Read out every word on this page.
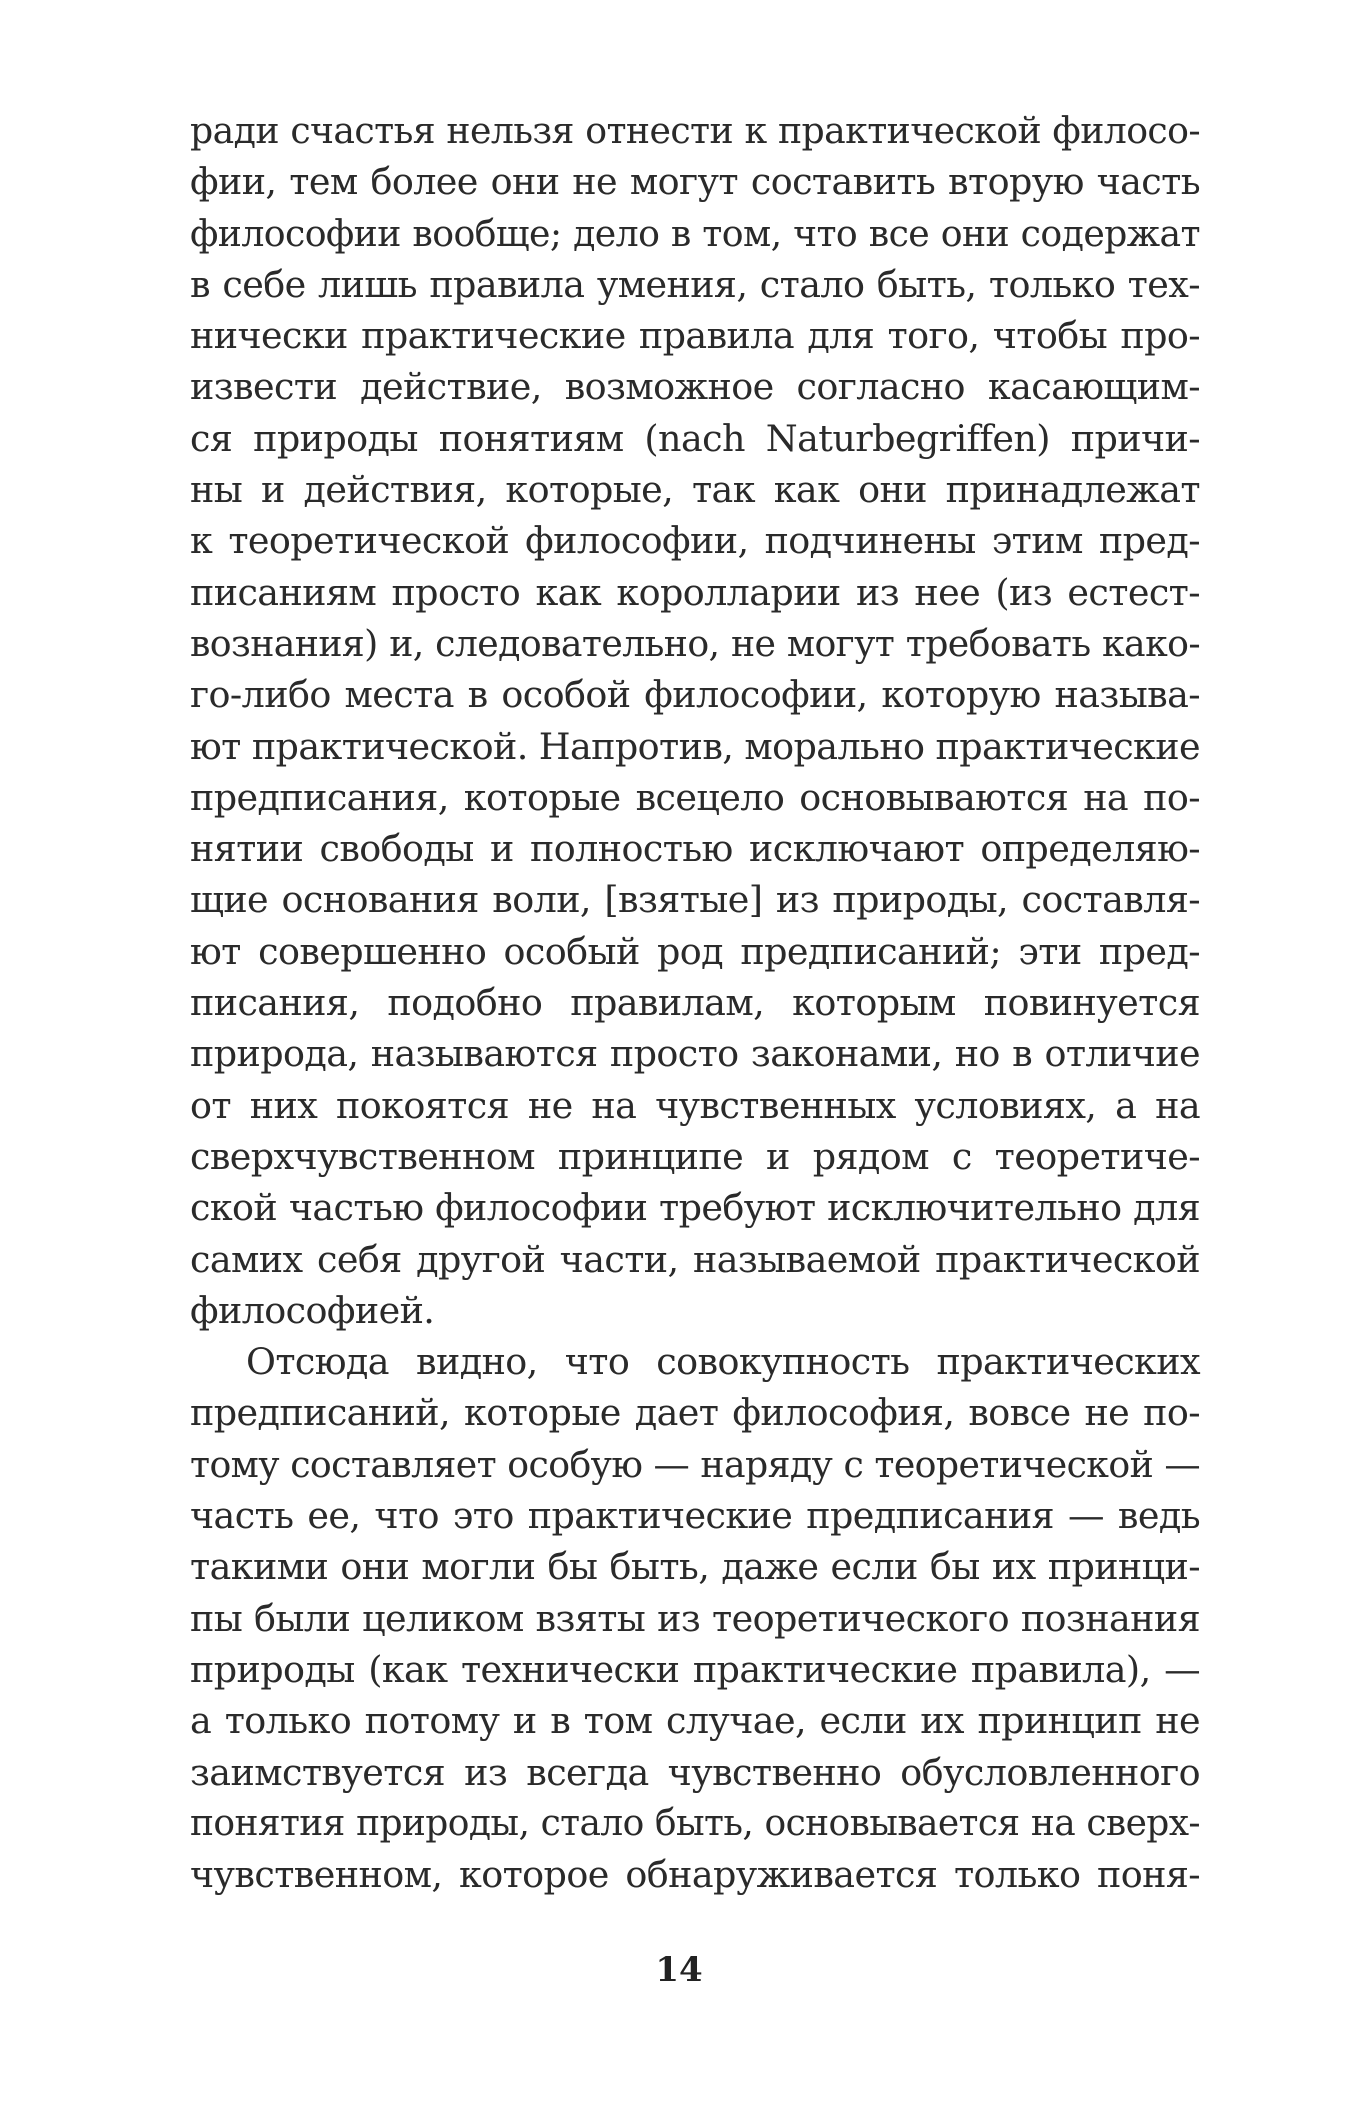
ради счастья нельзя отнести к практической филосо-
фии, тем более они не могут составить вторую часть
философии вообще; дело в том, что все они содержат
в себе лишь правила умения, стало быть, только тех-
нически практические правила для того, чтобы про-
извести действие, возможное согласно касающим-
ся природы понятиям (nach Naturbegriffen) причи-
ны и действия, которые, так как они принадлежат
к теоретической философии, подчинены этим пред-
писаниям просто как королларии из нее (из естест-
вознания) и, следовательно, не могут требовать како-
го-либо места в особой философии, которую называ-
ют практической. Напротив, морально практические
предписания, которые всецело основываются на по-
нятии свободы и полностью исключают определяю-
щие основания воли, [взятые] из природы, составля-
ют совершенно особый род предписаний; эти пред-
писания, подобно правилам, которым повинуется
природа, называются просто законами, но в отличие
от них покоятся не на чувственных условиях, а на
сверхчувственном принципе и рядом с теоретиче-
ской частью философии требуют исключительно для
самих себя другой части, называемой практической
философией.
Отсюда видно, что совокупность практических
предписаний, которые дает философия, вовсе не по-
тому составляет особую — наряду с теоретической —
часть ее, что это практические предписания — ведь
такими они могли бы быть, даже если бы их принци-
пы были целиком взяты из теоретического познания
природы (как технически практические правила), —
а только потому и в том случае, если их принцип не
заимствуется из всегда чувственно обусловленного
понятия природы, стало быть, основывается на сверх-
чувственном, которое обнаруживается только поня-
14
